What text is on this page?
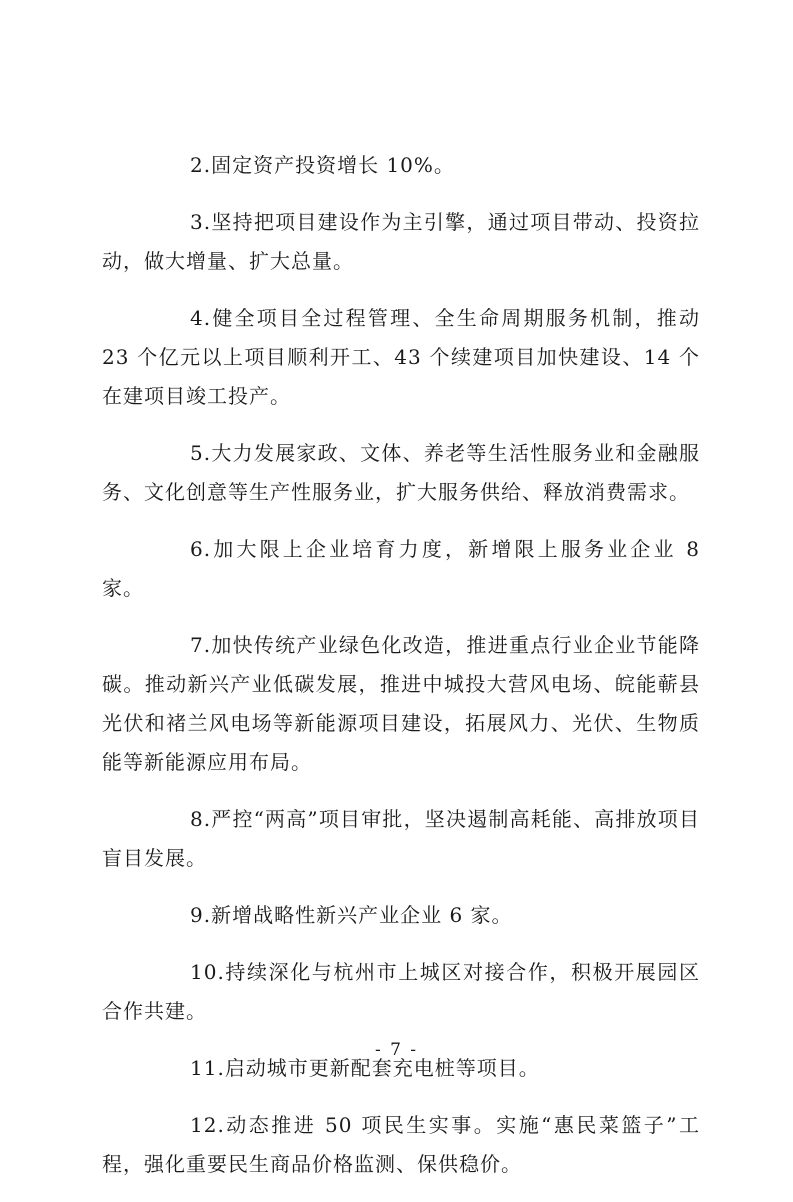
2.固定资产投资增长 10%。

3.坚持把项目建设作为主引擎，通过项目带动、投资拉动，做大增量、扩大总量。

4.健全项目全过程管理、全生命周期服务机制，推动 23 个亿元以上项目顺利开工、43 个续建项目加快建设、14 个在建项目竣工投产。

5.大力发展家政、文体、养老等生活性服务业和金融服务、文化创意等生产性服务业，扩大服务供给、释放消费需求。

6.加大限上企业培育力度，新增限上服务业企业 8 家。

7.加快传统产业绿色化改造，推进重点行业企业节能降碳。推动新兴产业低碳发展，推进中城投大营风电场、皖能蕲县光伏和褚兰风电场等新能源项目建设，拓展风力、光伏、生物质能等新能源应用布局。

8.严控“两高”项目审批，坚决遏制高耗能、高排放项目盲目发展。

9.新增战略性新兴产业企业 6 家。

10.持续深化与杭州市上城区对接合作，积极开展园区合作共建。

11.启动城市更新配套充电桩等项目。

12.动态推进 50 项民生实事。实施“惠民菜篮子”工程，强化重要民生商品价格监测、保供稳价。

- 7 -
